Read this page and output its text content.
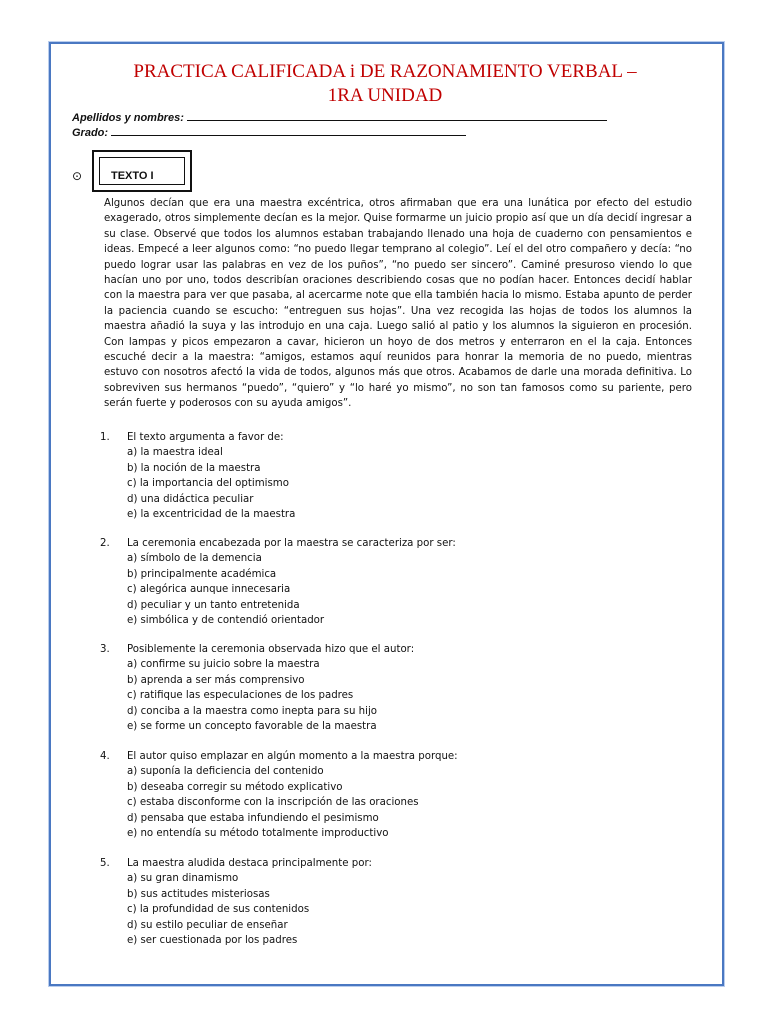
PRACTICA CALIFICADA i DE RAZONAMIENTO VERBAL –
1RA UNIDAD
Apellidos y nombres:
Grado:
⊙	TEXTO I
Algunos decían que era una maestra excéntrica, otros afirmaban que era una lunática por efecto del estudio exagerado, otros simplemente decían es la mejor. Quise formarme un juicio propio así que un día decidí ingresar a su clase. Observé que todos los alumnos estaban trabajando llenado una hoja de cuaderno con pensamientos e ideas. Empecé a leer algunos como: “no puedo llegar temprano al colegio”. Leí el del otro compañero y decía: “no puedo lograr usar las palabras en vez de los puños”, “no puedo ser sincero”. Caminé presuroso viendo lo que hacían uno por uno, todos describían oraciones describiendo cosas que no podían hacer. Entonces decidí hablar con la maestra para ver que pasaba, al acercarme note que ella también hacia lo mismo. Estaba apunto de perder la paciencia cuando se escucho: “entreguen sus hojas”. Una vez recogida las hojas de todos los alumnos la maestra añadió la suya y las introdujo en una caja. Luego salió al patio y los alumnos la siguieron en procesión. Con lampas y picos empezaron a cavar, hicieron un hoyo de dos metros y enterraron en el la caja. Entonces escuché decir a la maestra: “amigos, estamos aquí reunidos para honrar la memoria de no puedo, mientras estuvo con nosotros afectó la vida de todos, algunos más que otros. Acabamos de darle una morada definitiva. Lo sobreviven sus hermanos “puedo”, “quiero” y “lo haré yo mismo”, no son tan famosos como su pariente, pero serán fuerte y poderosos con su ayuda amigos”.
1.	El texto argumenta a favor de:
a) la maestra ideal
b) la noción de la maestra
c) la importancia del optimismo
d) una didáctica peculiar
e) la excentricidad de la maestra
2.	La ceremonia encabezada por la maestra se caracteriza por ser:
a) símbolo de la demencia
b) principalmente académica
c) alegórica aunque innecesaria
d) peculiar y un tanto entretenida
e) simbólica y de contendió orientador
3.	Posiblemente la ceremonia observada hizo que el autor:
a) confirme su juicio sobre la maestra
b) aprenda a ser más comprensivo
c) ratifique las especulaciones de los padres
d) conciba a la maestra como inepta para su hijo
e) se forme un concepto favorable de la maestra
4.	El autor quiso emplazar en algún momento a la maestra porque:
a) suponía la deficiencia del contenido
b) deseaba corregir su método explicativo
c) estaba disconforme con la inscripción de las oraciones
d) pensaba que estaba infundiendo el pesimismo
e) no entendía su método totalmente improductivo
5.	La maestra aludida destaca principalmente por:
a) su gran dinamismo
b) sus actitudes misteriosas
c) la profundidad de sus contenidos
d) su estilo peculiar de enseñar
e) ser cuestionada por los padres
